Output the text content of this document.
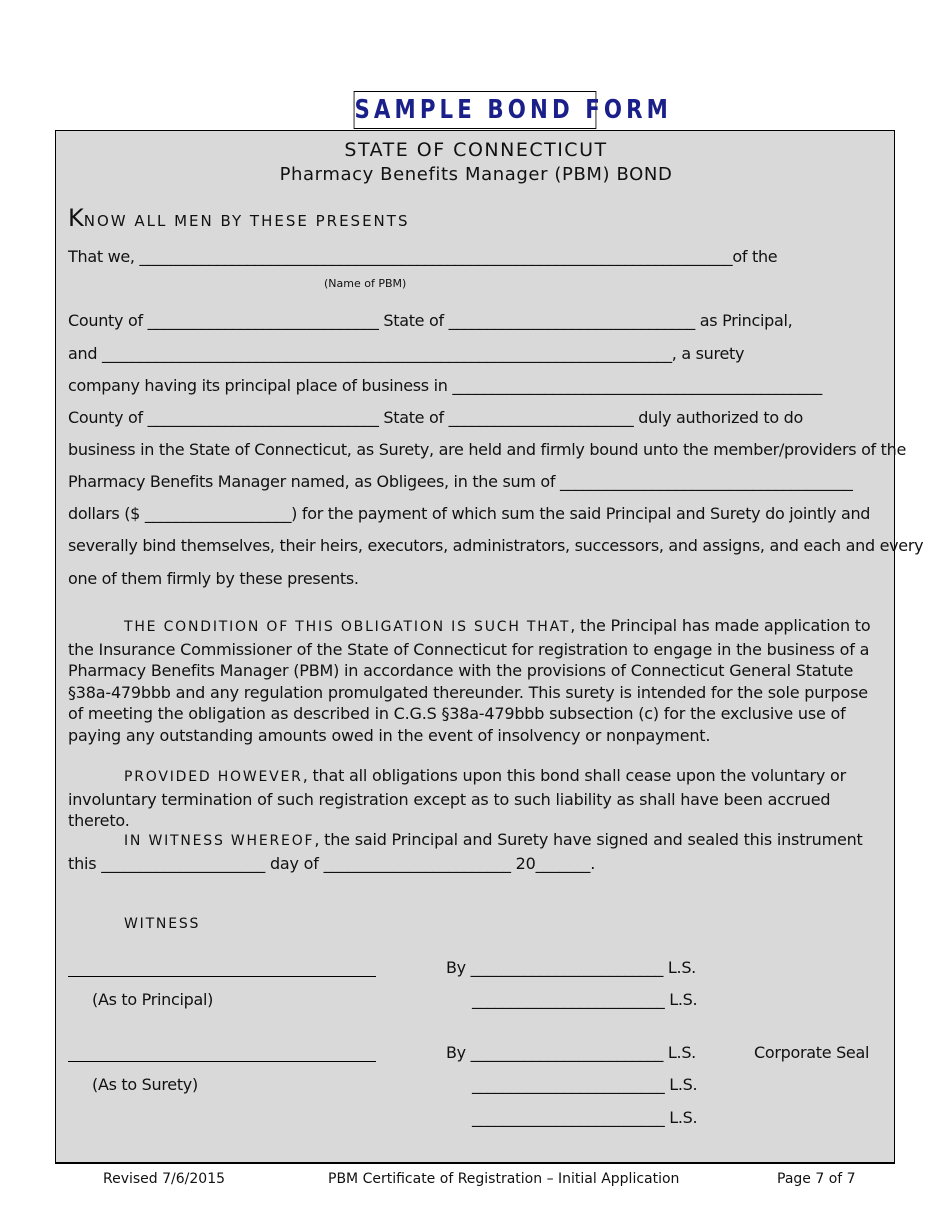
SAMPLE BOND FORM
STATE OF CONNECTICUT
Pharmacy Benefits Manager (PBM) BOND
KNOW ALL MEN BY THESE PRESENTS
That we, _____________________________________________________________________________of the
(Name of PBM)
County of ______________________________ State of ________________________________ as Principal,
and __________________________________________________________________________, a surety
company having its principal place of business in ________________________________________________
County of ______________________________ State of ________________________ duly authorized to do
business in the State of Connecticut, as Surety, are held and firmly bound unto the member/providers of the
Pharmacy Benefits Manager named, as Obligees, in the sum of ______________________________________
dollars ($ ___________________) for the payment of which sum the said Principal and Surety do jointly and
severally bind themselves, their heirs, executors, administrators, successors, and assigns, and each and every
one of them firmly by these presents.
THE CONDITION OF THIS OBLIGATION IS SUCH THAT, the Principal has made application to the Insurance Commissioner of the State of Connecticut for registration to engage in the business of a Pharmacy Benefits Manager (PBM) in accordance with the provisions of Connecticut General Statute §38a-479bbb and any regulation promulgated thereunder. This surety is intended for the sole purpose of meeting the obligation as described in C.G.S §38a-479bbb subsection (c) for the exclusive use of paying any outstanding amounts owed in the event of insolvency or nonpayment.
PROVIDED HOWEVER, that all obligations upon this bond shall cease upon the voluntary or involuntary termination of such registration except as to such liability as shall have been accrued thereto.
IN WITNESS WHEREOF, the said Principal and Surety have signed and sealed this instrument this _____________________ day of ________________________ 20_______.
WITNESS
(As to Principal)
By _________________________ L.S.
_________________________ L.S.
(As to Surety)
By _________________________ L.S.	Corporate Seal
_________________________ L.S.
_________________________ L.S.
Revised 7/6/2015	PBM Certificate of Registration – Initial Application	Page 7 of 7
